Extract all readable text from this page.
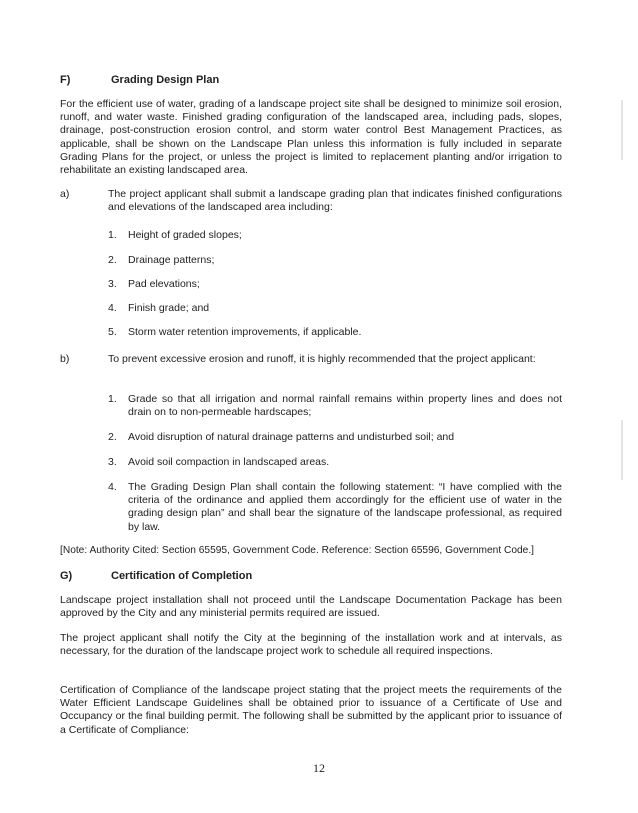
F)	Grading Design Plan
For the efficient use of water, grading of a landscape project site shall be designed to minimize soil erosion, runoff, and water waste. Finished grading configuration of the landscaped area, including pads, slopes, drainage, post-construction erosion control, and storm water control Best Management Practices, as applicable, shall be shown on the Landscape Plan unless this information is fully included in separate Grading Plans for the project, or unless the project is limited to replacement planting and/or irrigation to rehabilitate an existing landscaped area.
a)	The project applicant shall submit a landscape grading plan that indicates finished configurations and elevations of the landscaped area including:
1. Height of graded slopes;
2. Drainage patterns;
3. Pad elevations;
4. Finish grade; and
5. Storm water retention improvements, if applicable.
b)	To prevent excessive erosion and runoff, it is highly recommended that the project applicant:
1. Grade so that all irrigation and normal rainfall remains within property lines and does not drain on to non-permeable hardscapes;
2. Avoid disruption of natural drainage patterns and undisturbed soil; and
3. Avoid soil compaction in landscaped areas.
4. The Grading Design Plan shall contain the following statement: “I have complied with the criteria of the ordinance and applied them accordingly for the efficient use of water in the grading design plan” and shall bear the signature of the landscape professional, as required by law.
[Note: Authority Cited: Section 65595, Government Code. Reference: Section 65596, Government Code.]
G)	Certification of Completion
Landscape project installation shall not proceed until the Landscape Documentation Package has been approved by the City and any ministerial permits required are issued.
The project applicant shall notify the City at the beginning of the installation work and at intervals, as necessary, for the duration of the landscape project work to schedule all required inspections.
Certification of Compliance of the landscape project stating that the project meets the requirements of the Water Efficient Landscape Guidelines shall be obtained prior to issuance of a Certificate of Use and Occupancy or the final building permit. The following shall be submitted by the applicant prior to issuance of a Certificate of Compliance:
12
